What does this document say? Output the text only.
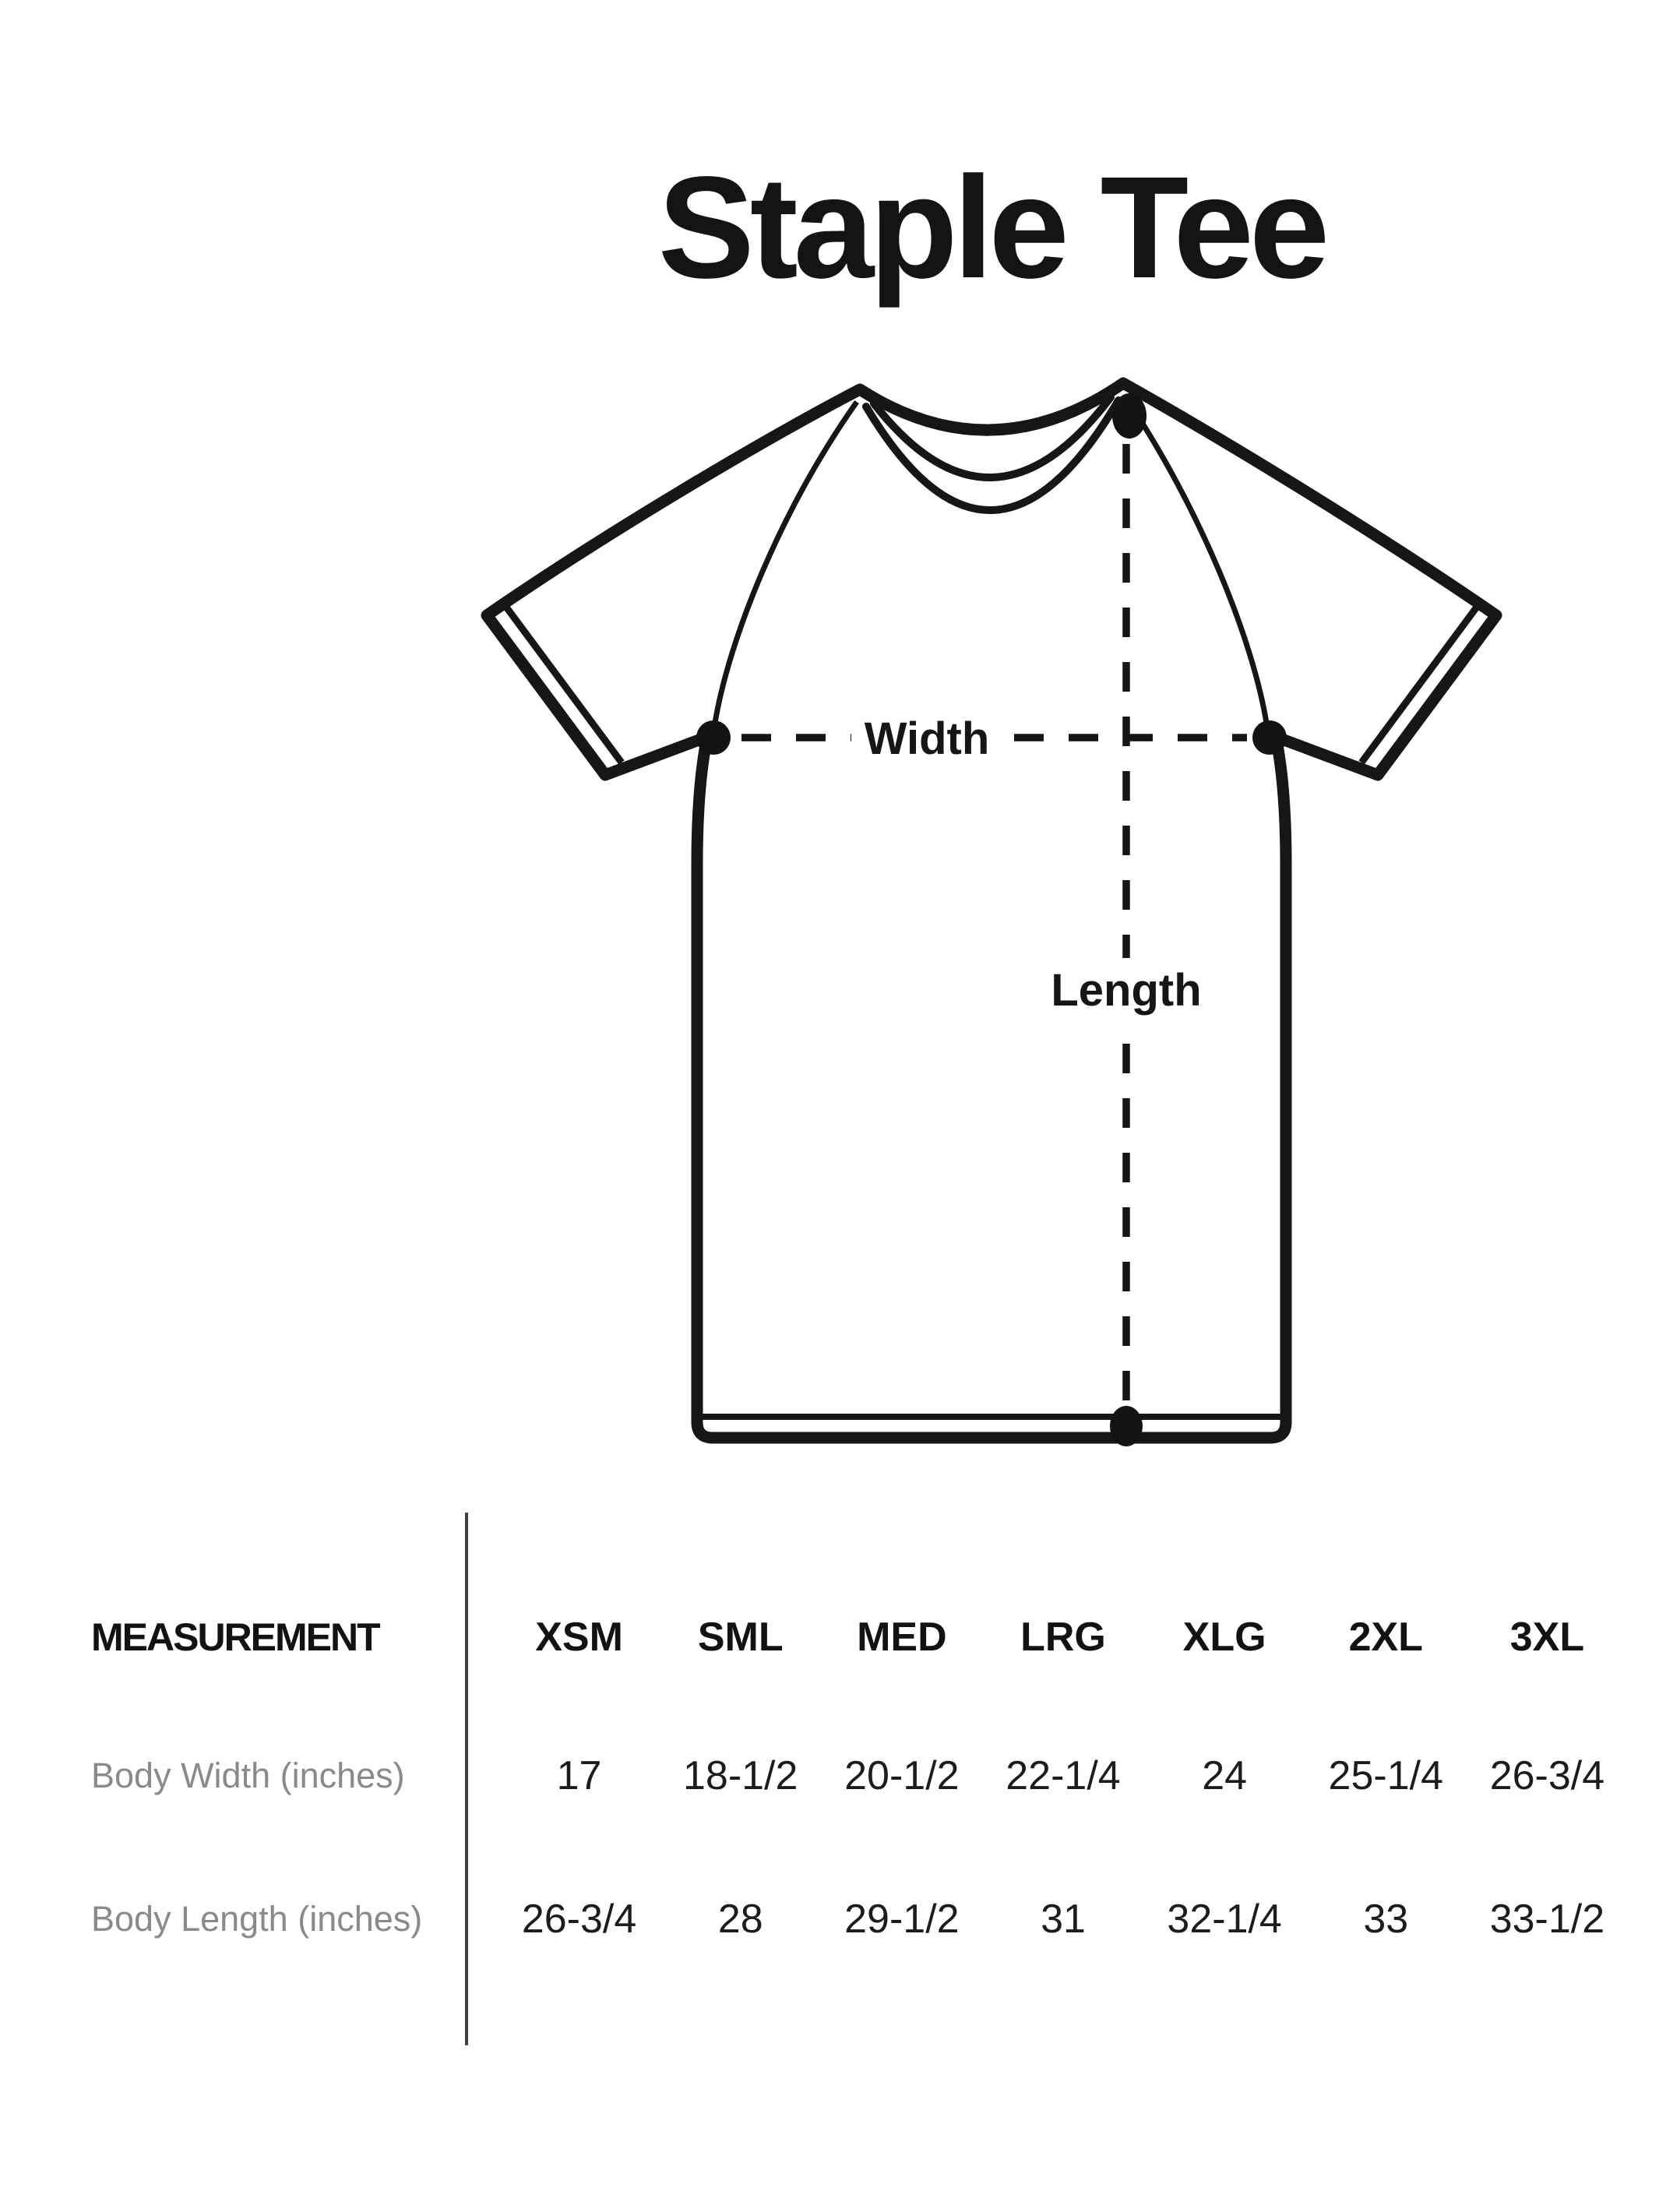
Staple Tee
Width
Length
MEASUREMENT	XSM	SML	MED	LRG	XLG	2XL	3XL
Body Width (inches)	17	18-1/2	20-1/2	22-1/4	24	25-1/4	26-3/4
Body Length (inches)	26-3/4	28	29-1/2	31	32-1/4	33	33-1/2
